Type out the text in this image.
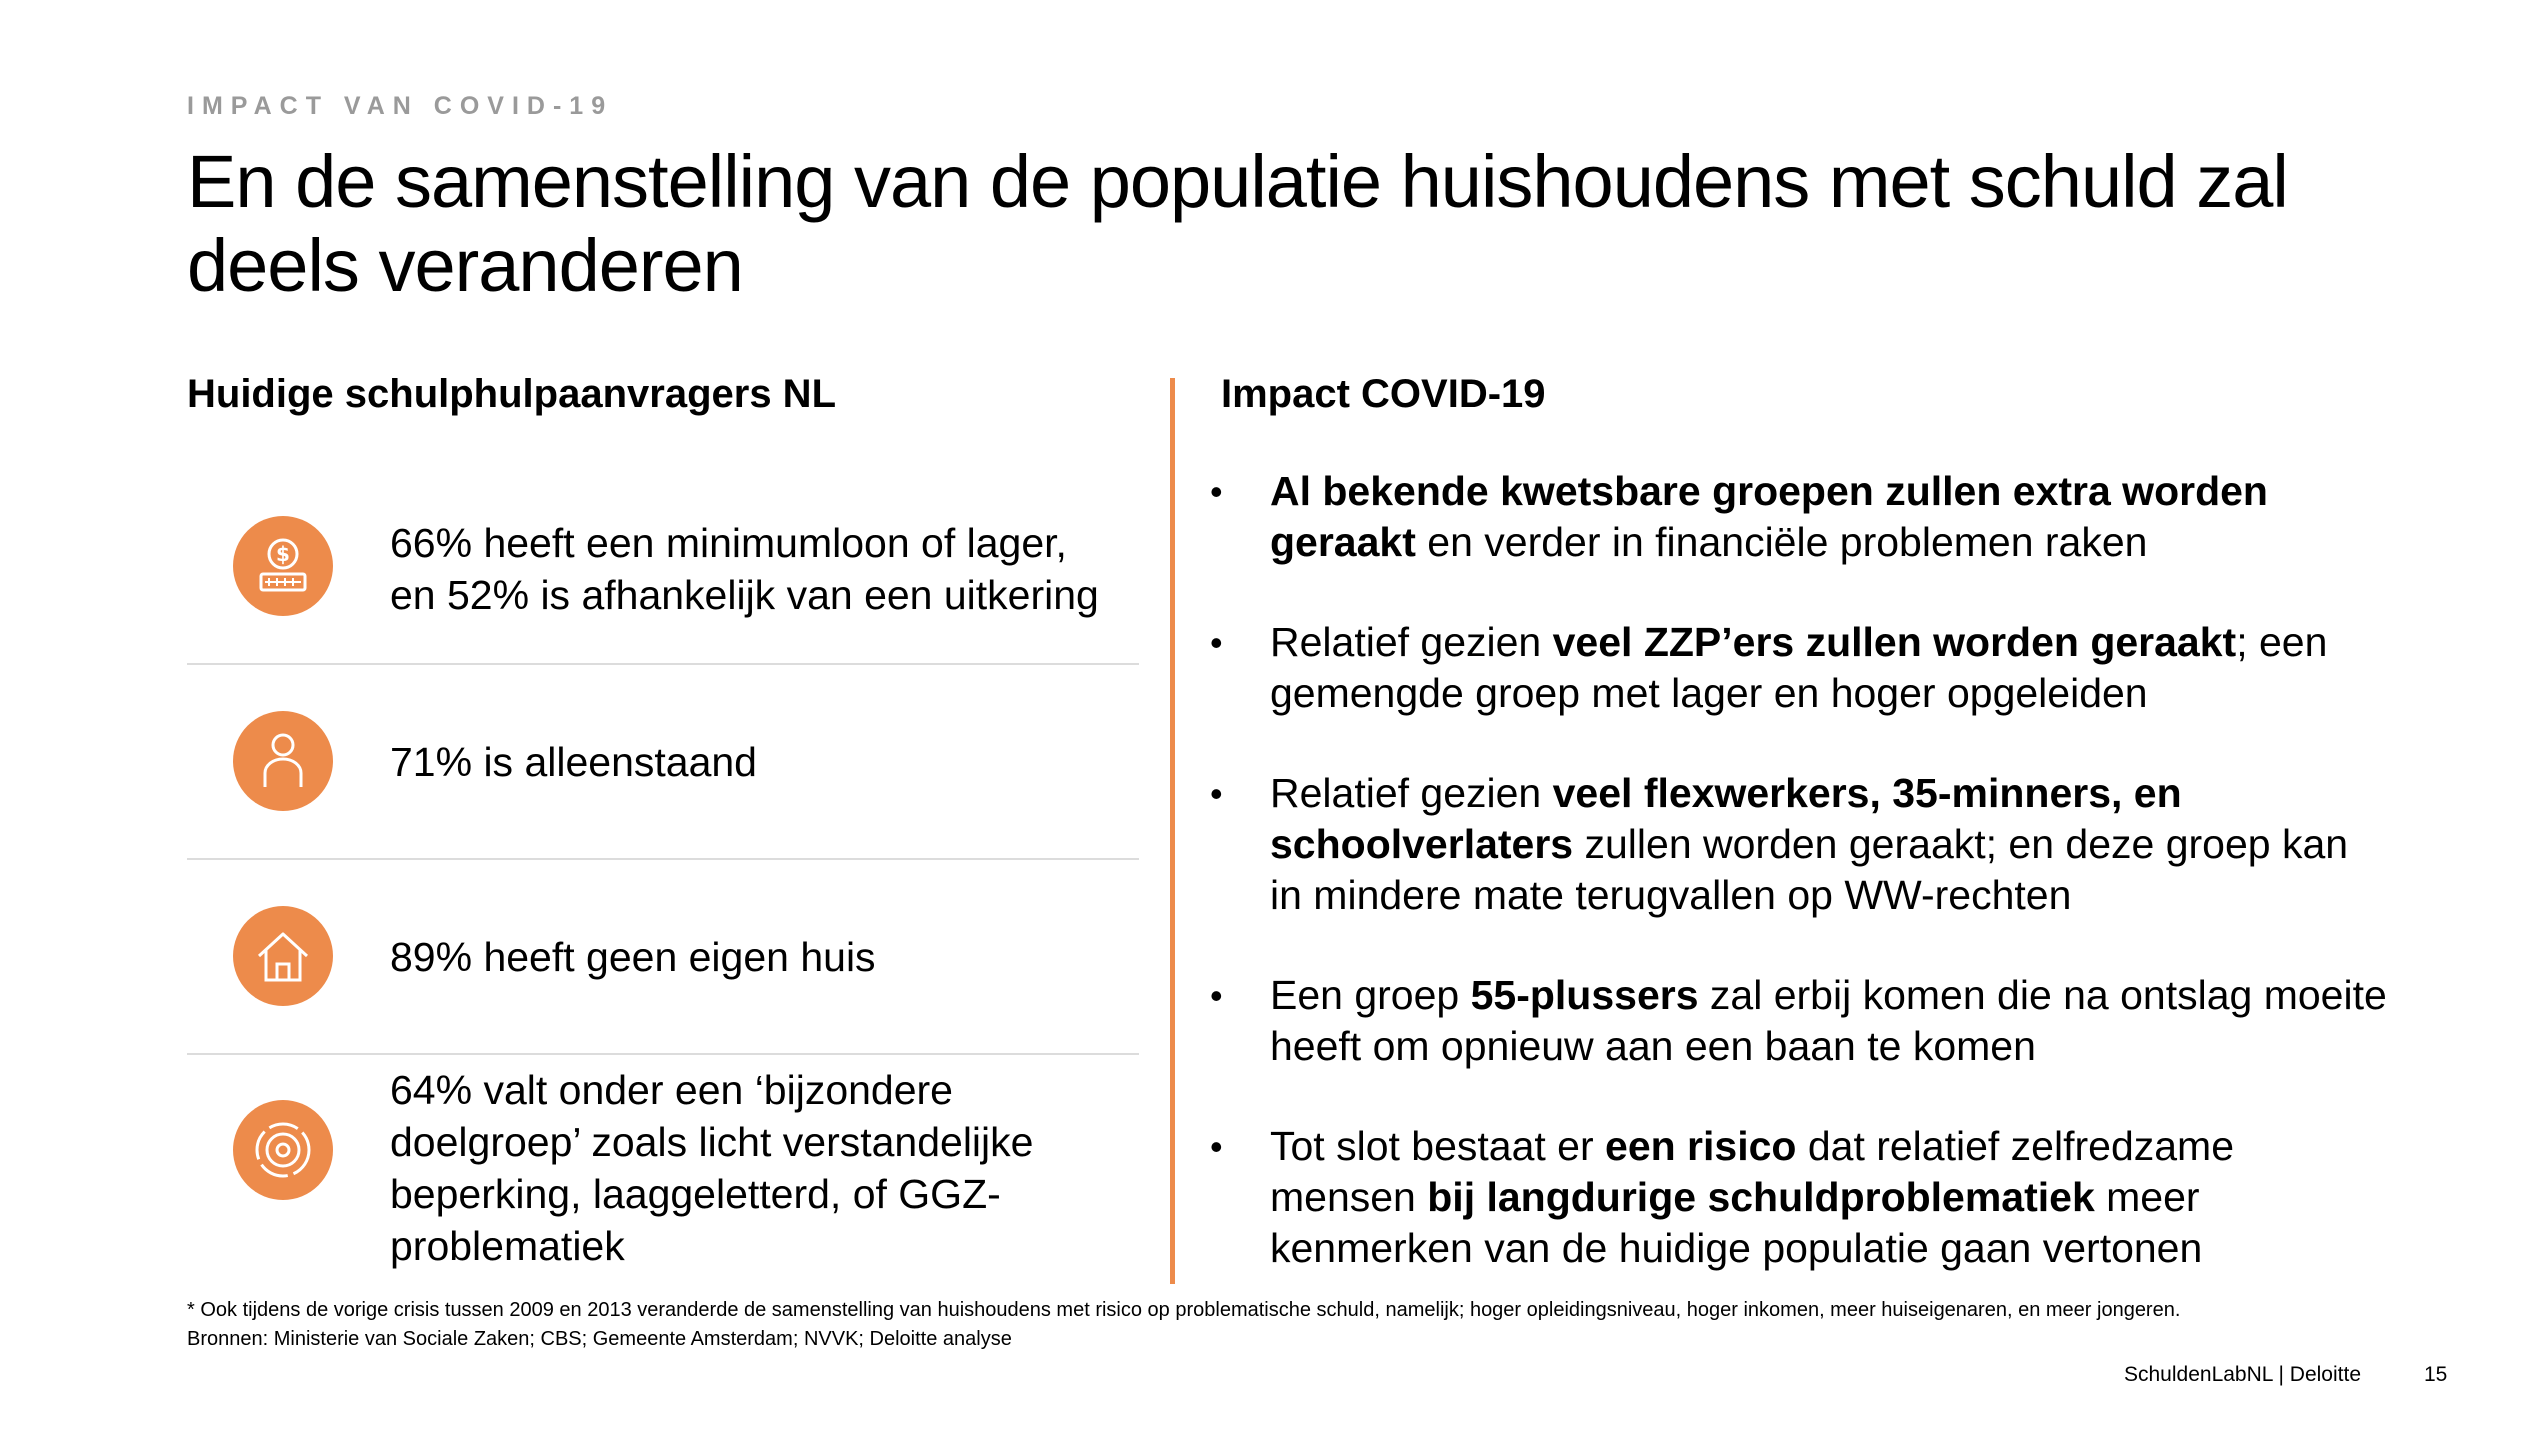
IMPACT VAN COVID-19
En de samenstelling van de populatie huishoudens met schuld zal deels veranderen
Huidige schulphulpaanvragers NL	Impact COVID-19
$ 66% heeft een minimumloon of lager,
en 52% is afhankelijk van een uitkering
71% is alleenstaand
89% heeft geen eigen huis
64% valt onder een ‘bijzondere
doelgroep’ zoals licht verstandelijke
beperking, laaggeletterd, of GGZ-
problematiek
• Al bekende kwetsbare groepen zullen extra worden geraakt en verder in financiële problemen raken
• Relatief gezien veel ZZP’ers zullen worden geraakt; een gemengde groep met lager en hoger opgeleiden
• Relatief gezien veel flexwerkers, 35-minners, en schoolverlaters zullen worden geraakt; en deze groep kan in mindere mate terugvallen op WW-rechten
• Een groep 55-plussers zal erbij komen die na ontslag moeite heeft om opnieuw aan een baan te komen
• Tot slot bestaat er een risico dat relatief zelfredzame mensen bij langdurige schuldproblematiek meer kenmerken van de huidige populatie gaan vertonen
* Ook tijdens de vorige crisis tussen 2009 en 2013 veranderde de samenstelling van huishoudens met risico op problematische schuld, namelijk; hoger opleidingsniveau, hoger inkomen, meer huiseigenaren, en meer jongeren.
Bronnen: Ministerie van Sociale Zaken; CBS; Gemeente Amsterdam; NVVK; Deloitte analyse
SchuldenLabNL | Deloitte	15
